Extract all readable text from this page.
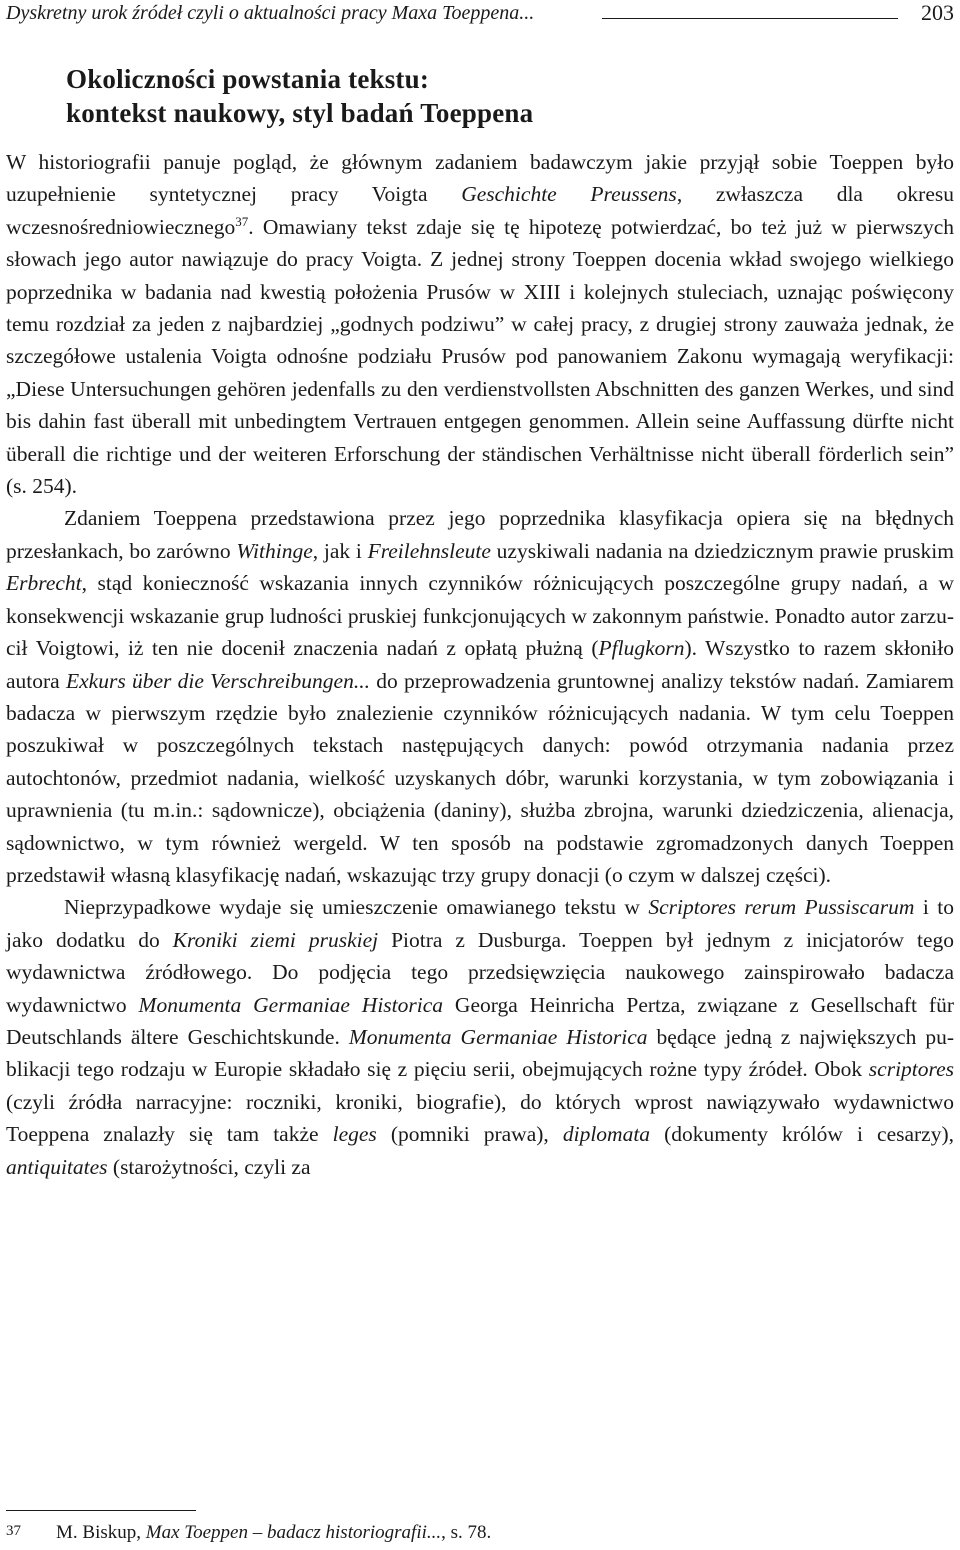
Dyskretny urok źródeł czyli o aktualności pracy Maxa Toeppena...	203
Okoliczności powstania tekstu:
kontekst naukowy, styl badań Toeppena

W historiografii panuje pogląd, że głównym zadaniem badawczym jakie przyjął sobie Toeppen było uzupełnienie syntetycznej pracy Voigta Geschichte Preussens, zwłaszcza dla okresu wczesnośredniowiecznego$^{37}$. Omawiany tekst zdaje się tę hipotezę potwierdzać, bo też już w pierwszych słowach jego autor nawiązuje do pracy Voigta. Z jednej strony Toeppen docenia wkład swojego wielkiego poprzednika w badania nad kwestią położenia Prusów w XIII i kolejnych stuleciach, uznając poświęcony temu rozdział za jeden z najbardziej „godnych podziwu” w całej pracy, z drugiej strony zauważa jednak, że szczegółowe ustalenia Voigta odnośne podziału Prusów pod panowaniem Zakonu wymagają weryfikacji: „Diese Untersuchungen gehören jedenfalls zu den verdienstvollsten Abschnitten des ganzen Werkes, und sind bis dahin fast überall mit unbedingtem Vertrauen entgegen genommen. Allein seine Auffassung dürfte nicht überall die richtige und der weiteren Erforschung der ständischen Verhältnisse nicht überall förderlich sein” (s. 254).

Zdaniem Toeppena przedstawiona przez jego poprzednika klasyfikacja opiera się na błędnych przesłankach, bo zarówno Withinge, jak i Freilehnsleute uzyskiwali nadania na dziedzicznym prawie pruskim Erbrecht, stąd konieczność wskazania innych czynników różnicujących poszczególne grupy nadań, a w konsekwencji wskazanie grup ludności pruskiej funkcjonujących w zakonnym państwie. Ponadto autor zarzucił Voigtowi, iż ten nie docenił znaczenia nadań z opłatą płużną (Pflugkorn). Wszystko to razem skłoniło autora Exkurs über die Verschreibungen... do przeprowadzenia gruntownej analizy tekstów nadań. Zamiarem badacza w pierwszym rzędzie było znalezienie czynników różnicujących nadania. W tym celu Toeppen poszukiwał w poszczególnych tekstach następujących danych: powód otrzymania nadania przez autochtonów, przedmiot nadania, wielkość uzyskanych dóbr, warunki korzystania, w tym zobowiązania i uprawnienia (tu m.in.: sądownicze), obciążenia (daniny), służba zbrojna, warunki dziedziczenia, alienacja, sądownictwo, w tym również wergeld. W ten sposób na podstawie zgromadzonych danych Toeppen przedstawił własną klasyfikację nadań, wskazując trzy grupy donacji (o czym w dalszej części).

Nieprzypadkowe wydaje się umieszczenie omawianego tekstu w Scriptores rerum Pussiscarum i to jako dodatku do Kroniki ziemi pruskiej Piotra z Dusburga. Toeppen był jednym z inicjatorów tego wydawnictwa źródłowego. Do podjęcia tego przedsięwzięcia naukowego zainspirowało badacza wydawnictwo Monumenta Germaniae Historica Georga Heinricha Pertza, związane z Gesellschaft für Deutschlands ältere Geschichtskunde. Monumenta Germaniae Historica będące jedną z największych publikacji tego rodzaju w Europie składało się z pięciu serii, obejmujących rożne typy źródeł. Obok scriptores (czyli źródła narracyjne: roczniki, kroniki, biografie), do których wprost nawiązywało wydawnictwo Toeppena znalazły się tam także leges (pomniki prawa), diplomata (dokumenty królów i cesarzy), antiquitates (starożytności, czyli za

37 M. Biskup, Max Toeppen – badacz historiografii..., s. 78.
